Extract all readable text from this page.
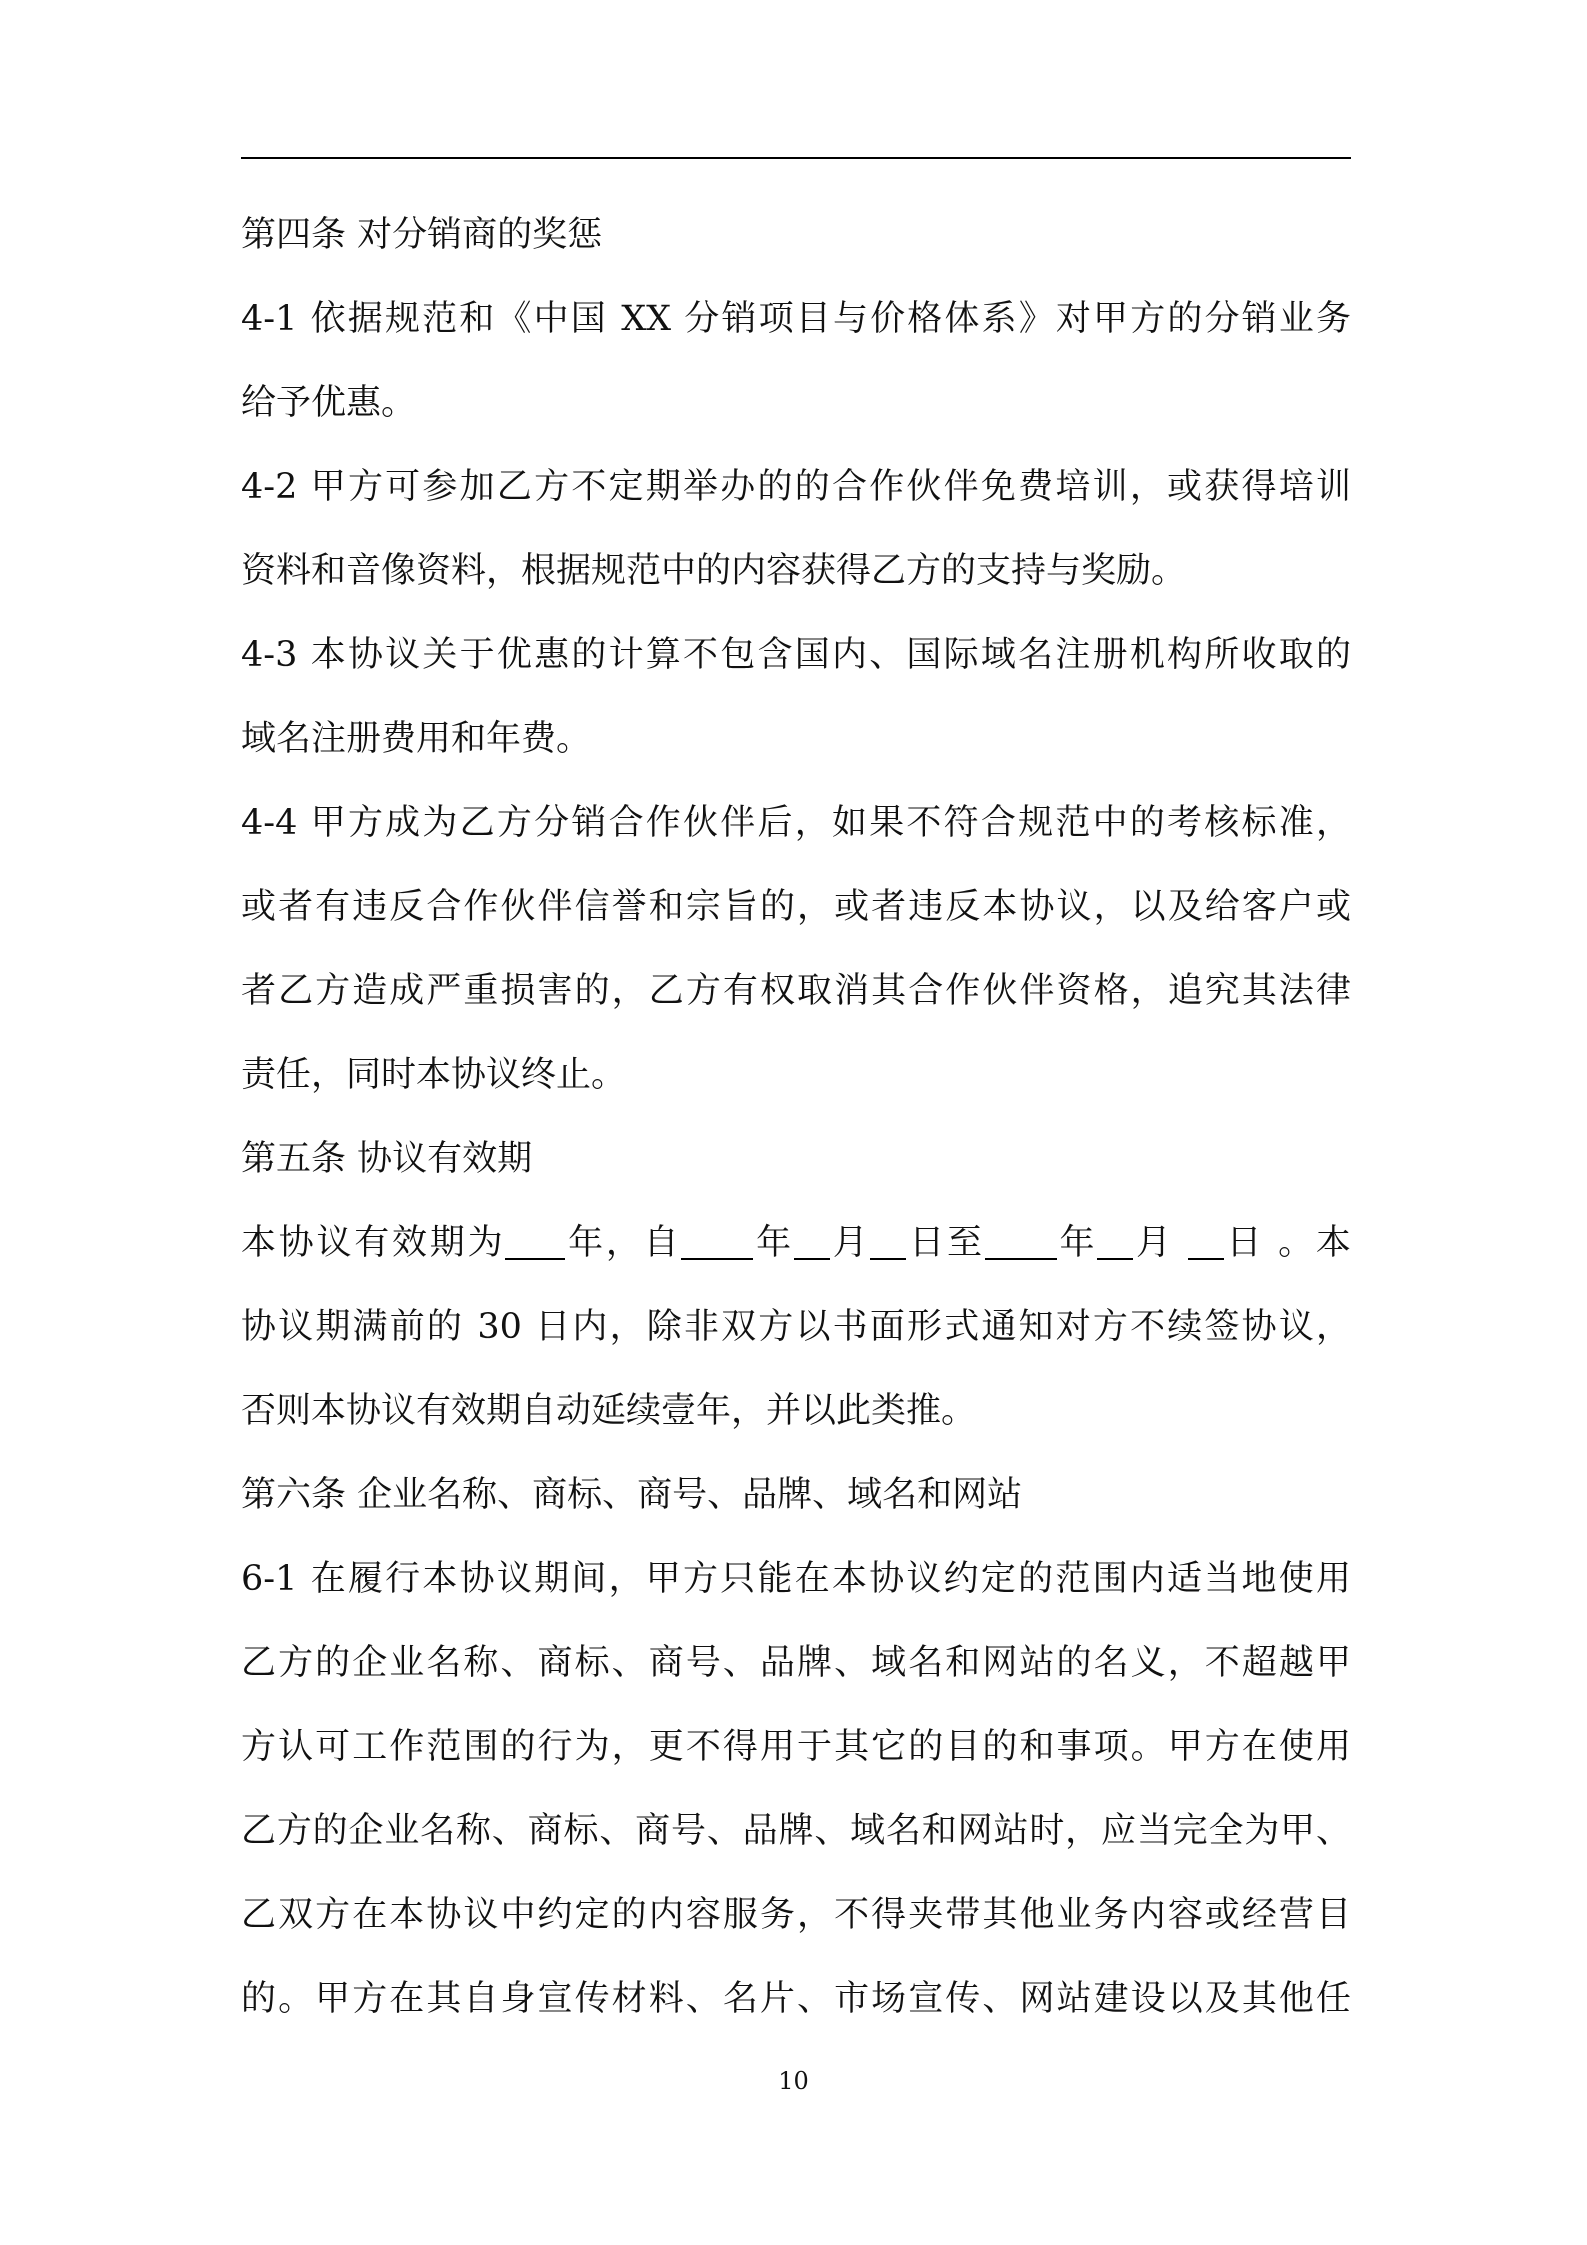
第四条 对分销商的奖惩
4-1 依据规范和《中国 XX 分销项目与价格体系》对甲方的分销业务
给予优惠。
4-2 甲方可参加乙方不定期举办的的合作伙伴免费培训，或获得培训
资料和音像资料，根据规范中的内容获得乙方的支持与奖励。
4-3 本协议关于优惠的计算不包含国内、国际域名注册机构所收取的
域名注册费用和年费。
4-4 甲方成为乙方分销合作伙伴后，如果不符合规范中的考核标准，
或者有违反合作伙伴信誉和宗旨的，或者违反本协议，以及给客户或
者乙方造成严重损害的，乙方有权取消其合作伙伴资格，追究其法律
责任，同时本协议终止。
第五条 协议有效期
本协议有效期为 年，自 年 月 日至 年 月 日 。本
协议期满前的 30 日内，除非双方以书面形式通知对方不续签协议，
否则本协议有效期自动延续壹年，并以此类推。
第六条 企业名称、商标、商号、品牌、域名和网站
6-1 在履行本协议期间，甲方只能在本协议约定的范围内适当地使用
乙方的企业名称、商标、商号、品牌、域名和网站的名义，不超越甲
方认可工作范围的行为，更不得用于其它的目的和事项。甲方在使用
乙方的企业名称、商标、商号、品牌、域名和网站时，应当完全为甲、
乙双方在本协议中约定的内容服务，不得夹带其他业务内容或经营目
的。甲方在其自身宣传材料、名片、市场宣传、网站建设以及其他任
10
